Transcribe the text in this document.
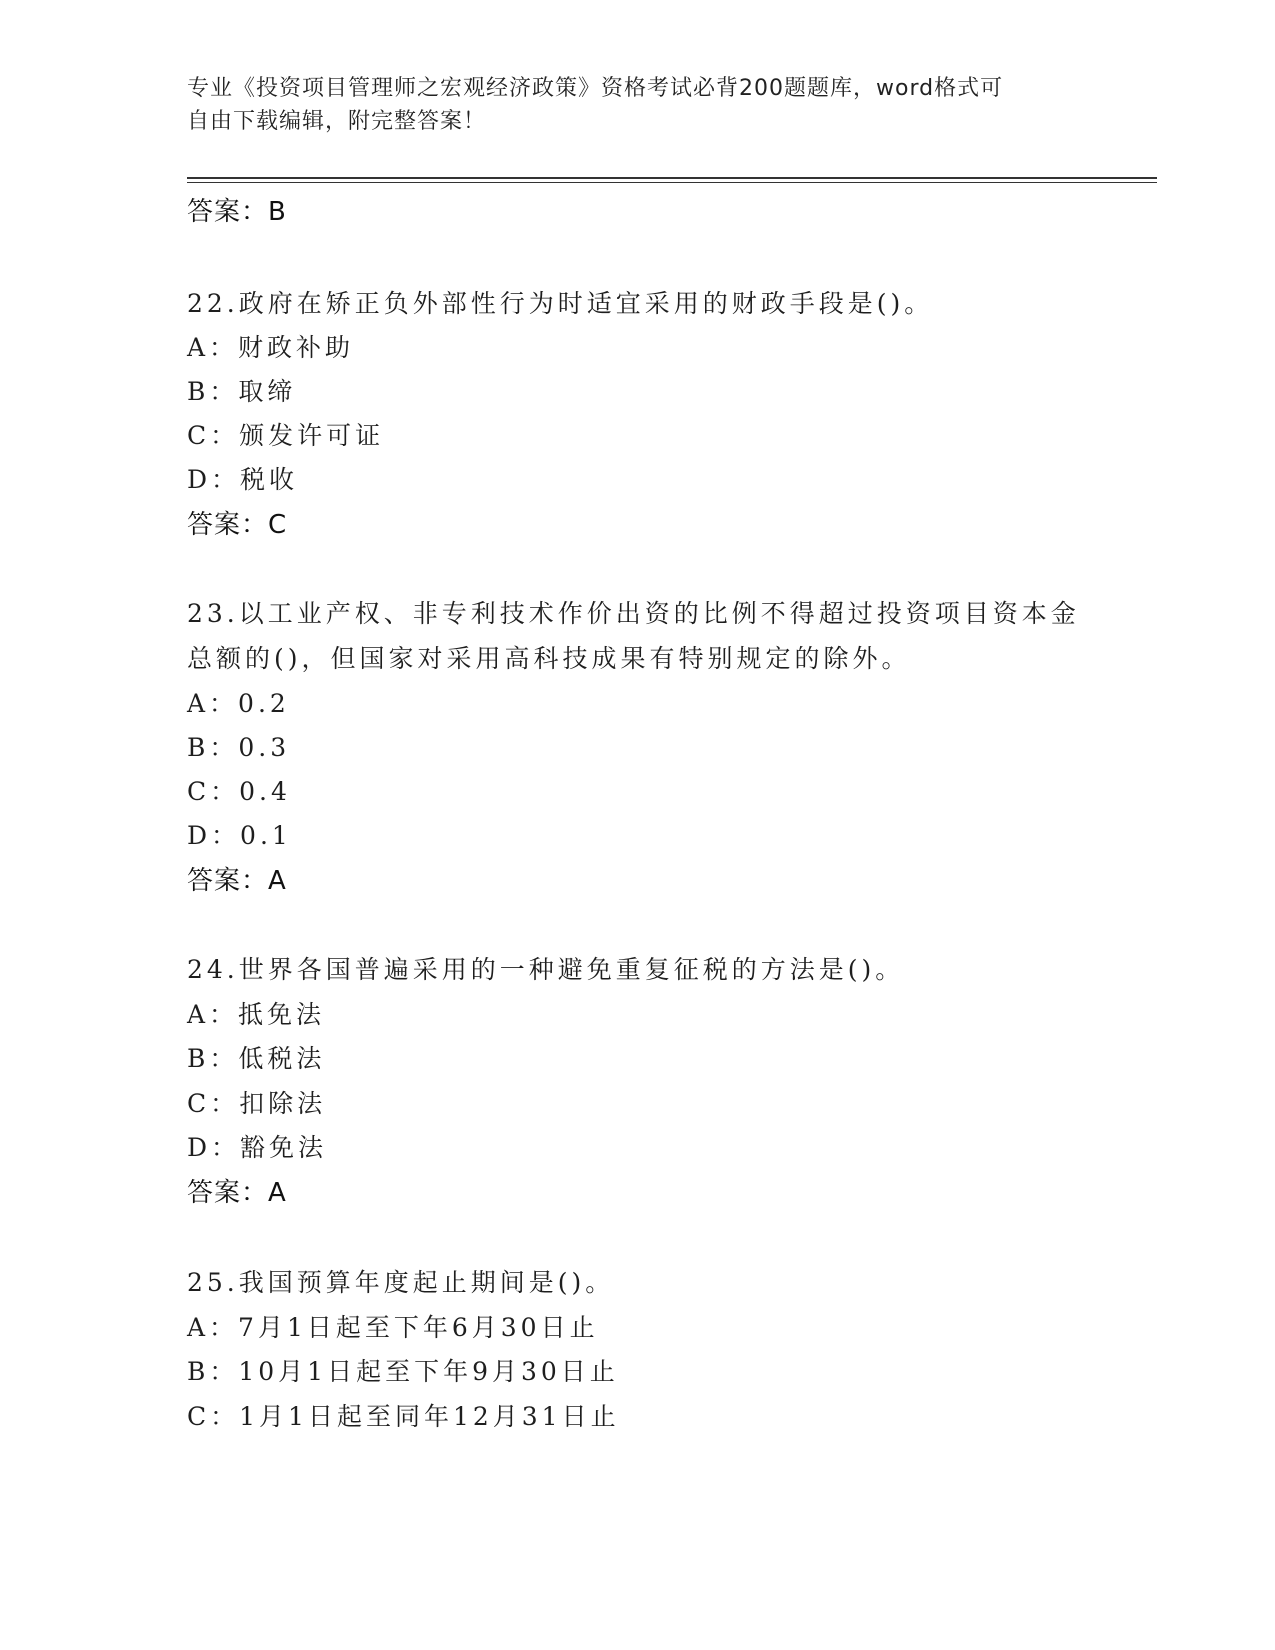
专业《投资项目管理师之宏观经济政策》资格考试必背200题题库，word格式可
自由下载编辑，附完整答案！
答案：B
22.政府在矫正负外部性行为时适宜采用的财政手段是()。
A：财政补助
B：取缔
C：颁发许可证
D：税收
答案：C
23.以工业产权、非专利技术作价出资的比例不得超过投资项目资本金
总额的()，但国家对采用高科技成果有特别规定的除外。
A：0.2
B：0.3
C：0.4
D：0.1
答案：A
24.世界各国普遍采用的一种避免重复征税的方法是()。
A：抵免法
B：低税法
C：扣除法
D：豁免法
答案：A
25.我国预算年度起止期间是()。
A：7月1日起至下年6月30日止
B：10月1日起至下年9月30日止
C：1月1日起至同年12月31日止
